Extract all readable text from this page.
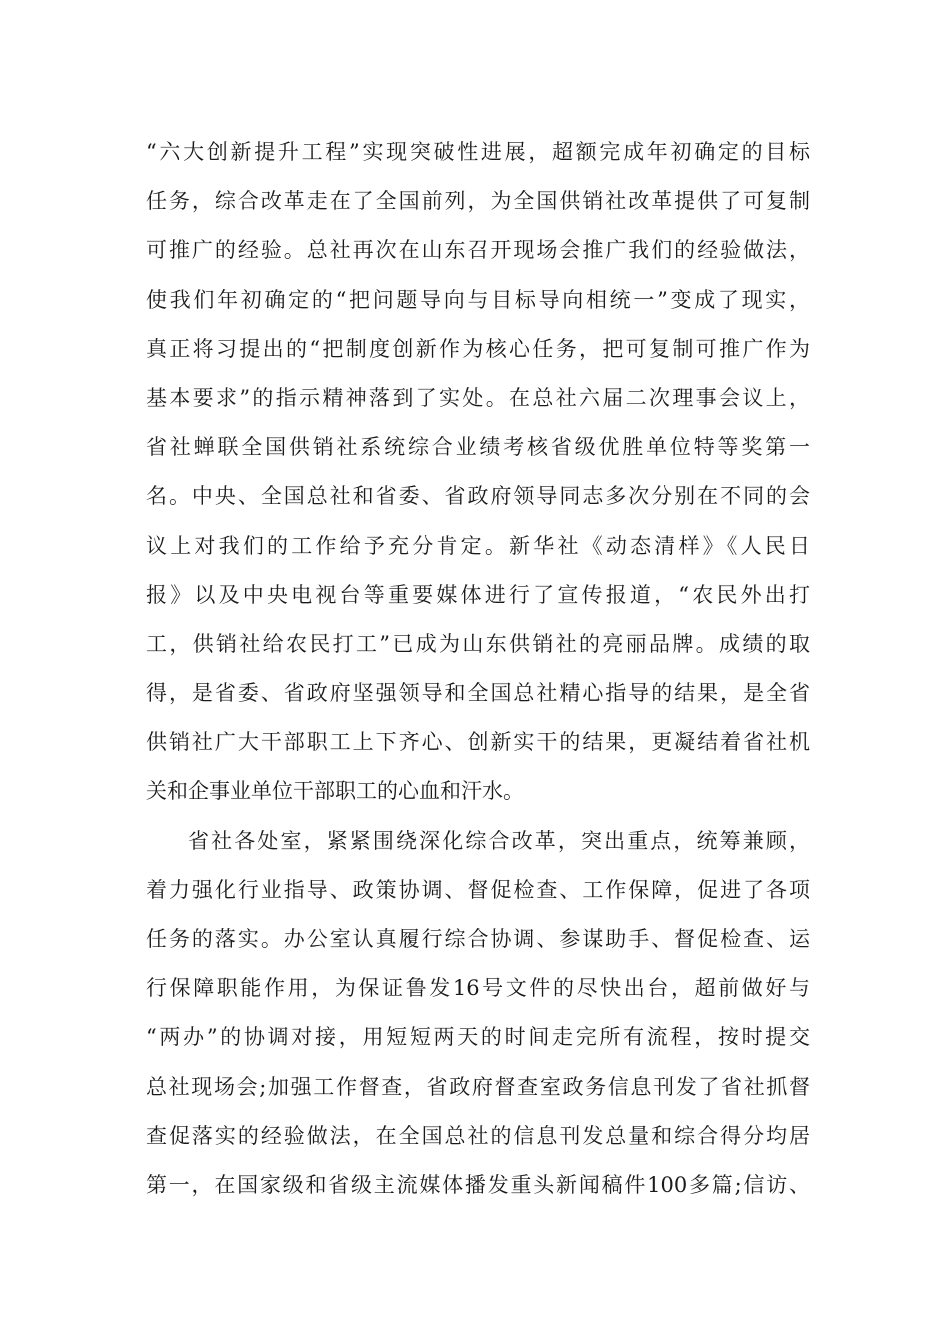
“六大创新提升工程”实现突破性进展，超额完成年初确定的目标
任务，综合改革走在了全国前列，为全国供销社改革提供了可复制
可推广的经验。总社再次在山东召开现场会推广我们的经验做法，
使我们年初确定的“把问题导向与目标导向相统一”变成了现实，
真正将习提出的“把制度创新作为核心任务，把可复制可推广作为
基本要求”的指示精神落到了实处。在总社六届二次理事会议上，
省社蝉联全国供销社系统综合业绩考核省级优胜单位特等奖第一
名。中央、全国总社和省委、省政府领导同志多次分别在不同的会
议上对我们的工作给予充分肯定。新华社《动态清样》《人民日
报》以及中央电视台等重要媒体进行了宣传报道，“农民外出打
工，供销社给农民打工”已成为山东供销社的亮丽品牌。成绩的取
得，是省委、省政府坚强领导和全国总社精心指导的结果，是全省
供销社广大干部职工上下齐心、创新实干的结果，更凝结着省社机
关和企事业单位干部职工的心血和汗水。
省社各处室，紧紧围绕深化综合改革，突出重点，统筹兼顾，
着力强化行业指导、政策协调、督促检查、工作保障，促进了各项
任务的落实。办公室认真履行综合协调、参谋助手、督促检查、运
行保障职能作用，为保证鲁发16号文件的尽快出台，超前做好与
“两办”的协调对接，用短短两天的时间走完所有流程，按时提交
总社现场会;加强工作督查，省政府督查室政务信息刊发了省社抓督
查促落实的经验做法，在全国总社的信息刊发总量和综合得分均居
第一，在国家级和省级主流媒体播发重头新闻稿件100多篇;信访、
